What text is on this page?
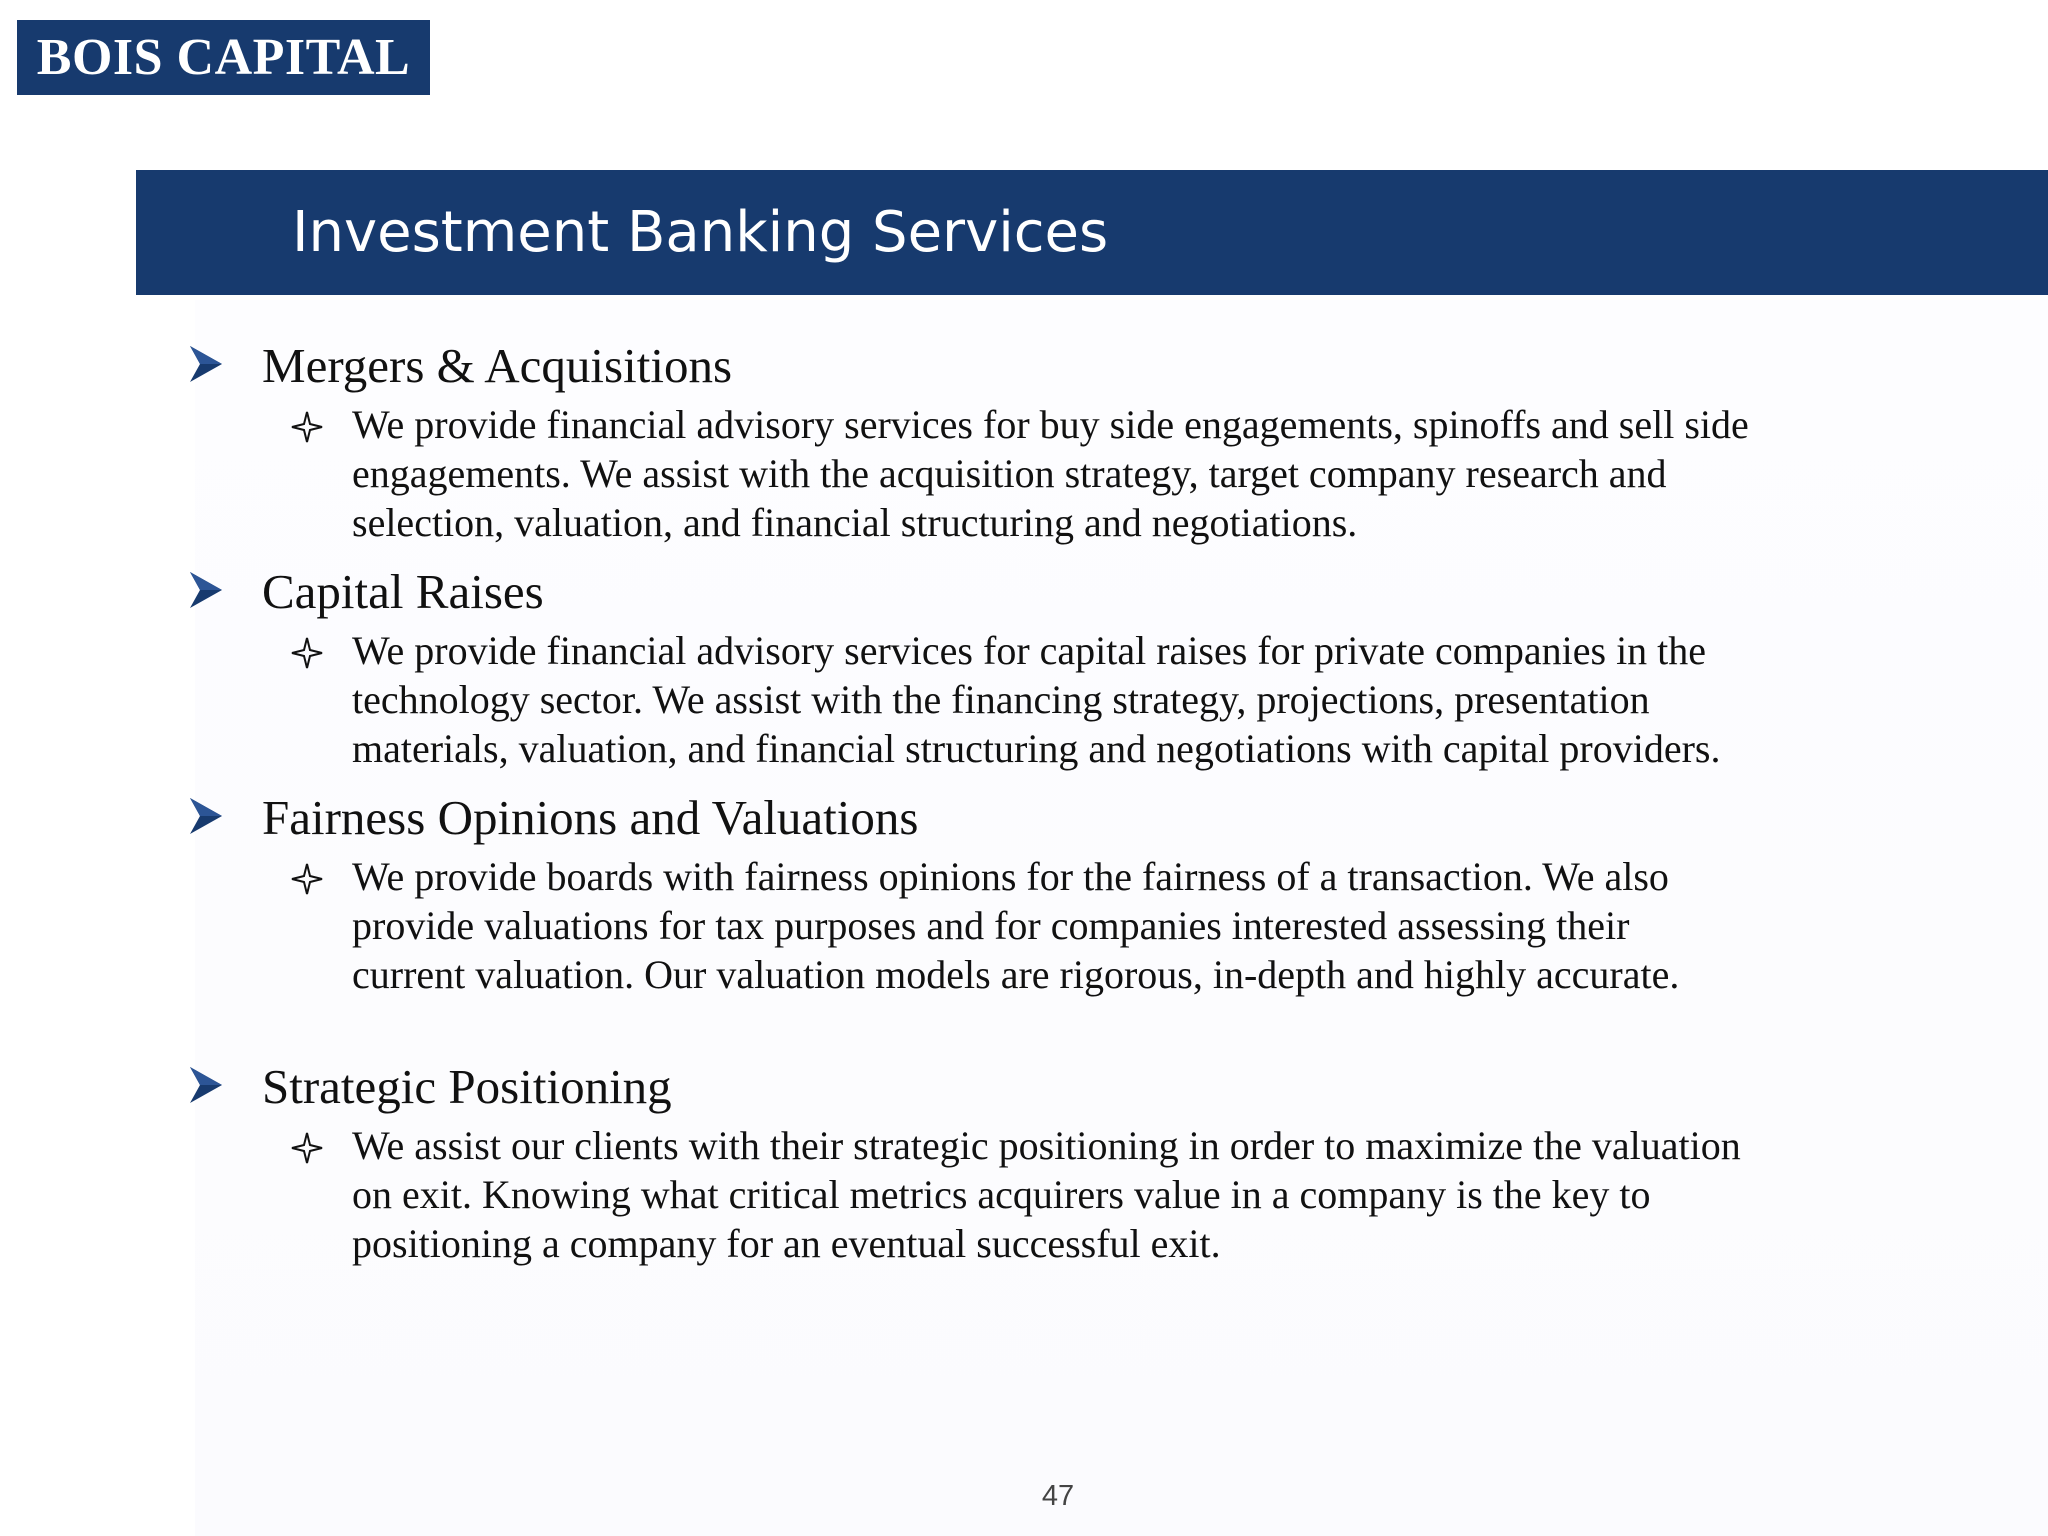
BOIS CAPITAL
Investment Banking Services
Mergers & Acquisitions
We provide financial advisory services for buy side engagements, spinoffs and sell side
engagements. We assist with the acquisition strategy, target company research and
selection, valuation, and financial structuring and negotiations.
Capital Raises
We provide financial advisory services for capital raises for private companies in the
technology sector. We assist with the financing strategy, projections, presentation
materials, valuation, and financial structuring and negotiations with capital providers.
Fairness Opinions and Valuations
We provide boards with fairness opinions for the fairness of a transaction. We also
provide valuations for tax purposes and for companies interested assessing their
current valuation. Our valuation models are rigorous, in-depth and highly accurate.
Strategic Positioning
We assist our clients with their strategic positioning in order to maximize the valuation
on exit. Knowing what critical metrics acquirers value in a company is the key to
positioning a company for an eventual successful exit.
47
